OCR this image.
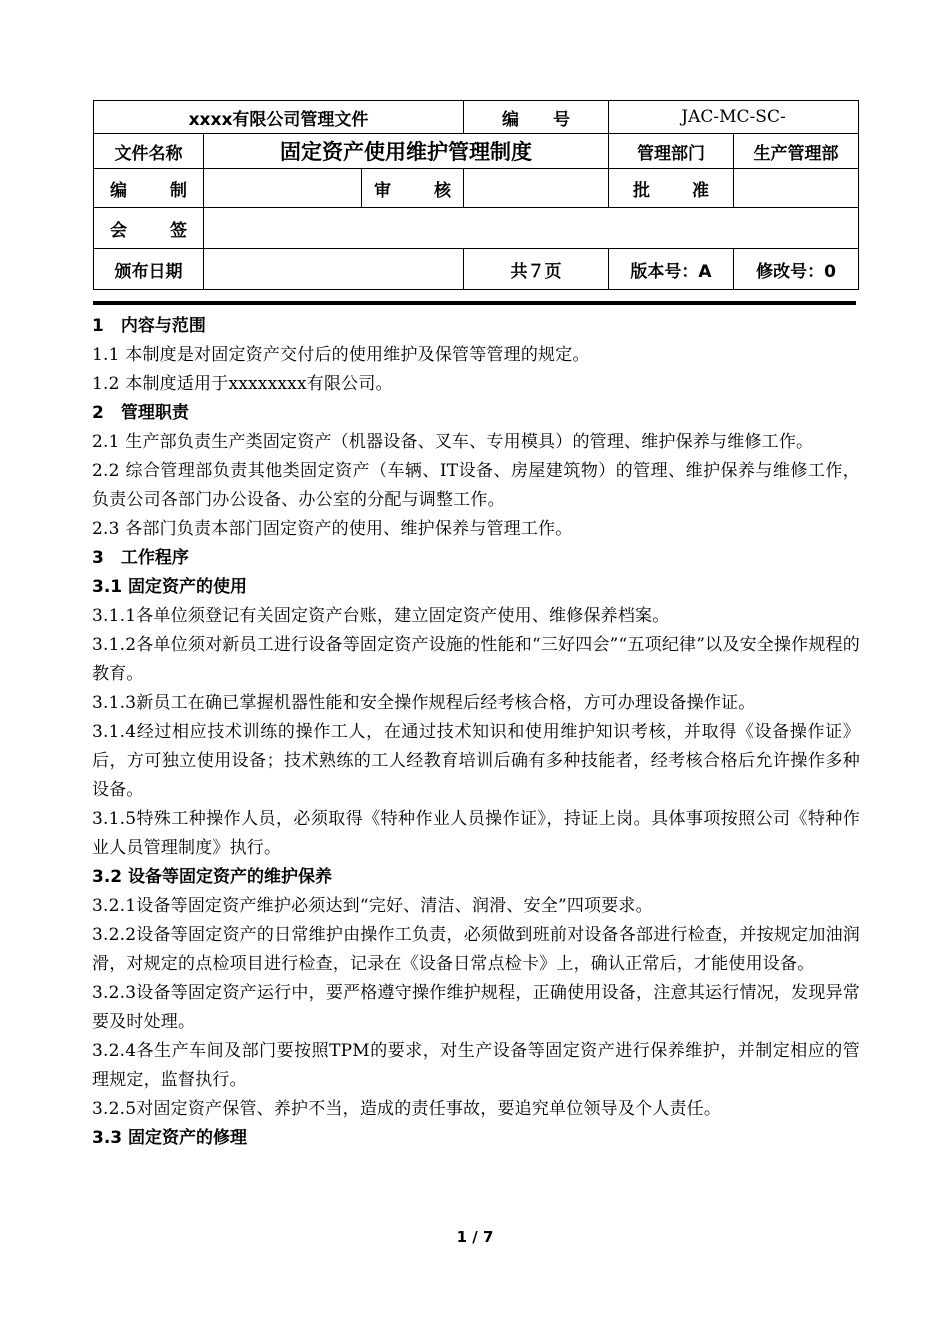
xxxx有限公司管理文件			编　　号	JAC-MC-SC-	
文件名称	固定资产使用维护管理制度			管理部门	生产管理部

编 制		审 核		批 准	

会 签					

颁布日期			共７页	版本号：A	修改号：0

1　内容与范围

1.1 本制度是对固定资产交付后的使用维护及保管等管理的规定。

1.2 本制度适用于xxxxxxxx有限公司。

2　管理职责

2.1 生产部负责生产类固定资产（机器设备、叉车、专用模具）的管理、维护保养与维修工作。

2.2 综合管理部负责其他类固定资产（车辆、IT设备、房屋建筑物）的管理、维护保养与维修工作，负责公司各部门办公设备、办公室的分配与调整工作。

2.3 各部门负责本部门固定资产的使用、维护保养与管理工作。

3　工作程序

3.1 固定资产的使用

3.1.1各单位须登记有关固定资产台账，建立固定资产使用、维修保养档案。

3.1.2各单位须对新员工进行设备等固定资产设施的性能和“三好四会”“五项纪律”以及安全操作规程的教育。

3.1.3新员工在确已掌握机器性能和安全操作规程后经考核合格，方可办理设备操作证。

3.1.4经过相应技术训练的操作工人，在通过技术知识和使用维护知识考核，并取得《设备操作证》后，方可独立使用设备；技术熟练的工人经教育培训后确有多种技能者，经考核合格后允许操作多种设备。

3.1.5特殊工种操作人员，必须取得《特种作业人员操作证》，持证上岗。具体事项按照公司《特种作业人员管理制度》执行。

3.2 设备等固定资产的维护保养

3.2.1设备等固定资产维护必须达到“完好、清洁、润滑、安全”四项要求。

3.2.2设备等固定资产的日常维护由操作工负责，必须做到班前对设备各部进行检查，并按规定加油润滑，对规定的点检项目进行检查，记录在《设备日常点检卡》上，确认正常后，才能使用设备。

3.2.3设备等固定资产运行中，要严格遵守操作维护规程，正确使用设备，注意其运行情况，发现异常要及时处理。

3.2.4各生产车间及部门要按照TPM的要求，对生产设备等固定资产进行保养维护，并制定相应的管理规定，监督执行。

3.2.5对固定资产保管、养护不当，造成的责任事故，要追究单位领导及个人责任。

3.3 固定资产的修理

1 / 7
